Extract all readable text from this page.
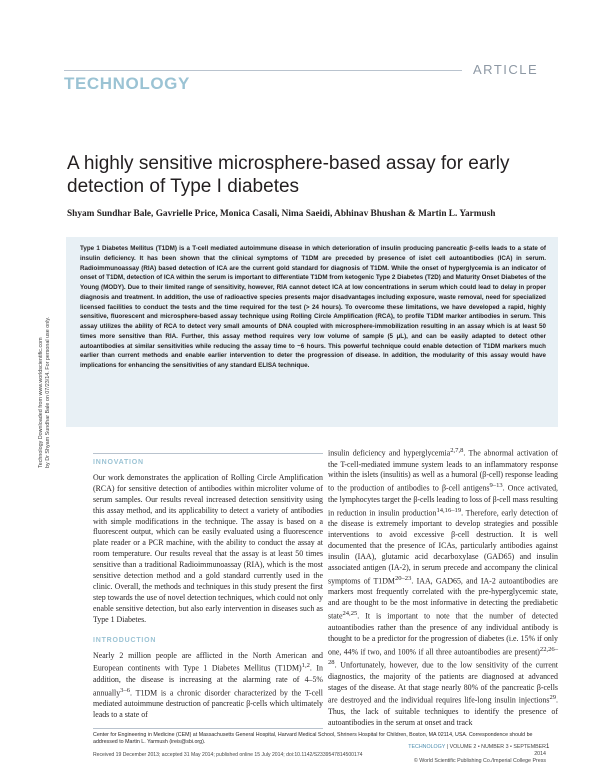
ARTICLE
TECHNOLOGY
A highly sensitive microsphere-based assay for early detection of Type I diabetes
Shyam Sundhar Bale, Gavrielle Price, Monica Casali, Nima Saeidi, Abhinav Bhushan & Martin L. Yarmush
Type 1 Diabetes Mellitus (T1DM) is a T-cell mediated autoimmune disease in which deterioration of insulin producing pancreatic β-cells leads to a state of insulin deficiency. It has been shown that the clinical symptoms of T1DM are preceded by presence of islet cell autoantibodies (ICA) in serum. Radioimmunoassay (RIA) based detection of ICA are the current gold standard for diagnosis of T1DM. While the onset of hyperglycemia is an indicator of onset of T1DM, detection of ICA within the serum is important to differentiate T1DM from ketogenic Type 2 Diabetes (T2D) and Maturity Onset Diabetes of the Young (MODY). Due to their limited range of sensitivity, however, RIA cannot detect ICA at low concentrations in serum which could lead to delay in proper diagnosis and treatment. In addition, the use of radioactive species presents major disadvantages including exposure, waste removal, need for specialized licensed facilities to conduct the tests and the time required for the test (> 24 hours). To overcome these limitations, we have developed a rapid, highly sensitive, fluorescent and microsphere-based assay technique using Rolling Circle Amplification (RCA), to profile T1DM marker antibodies in serum. This assay utilizes the ability of RCA to detect very small amounts of DNA coupled with microsphere-immobilization resulting in an assay which is at least 50 times more sensitive than RIA. Further, this assay method requires very low volume of sample (5 μL), and can be easily adapted to detect other autoantibodies at similar sensitivities while reducing the assay time to ~6 hours. This powerful technique could enable detection of T1DM markers much earlier than current methods and enable earlier intervention to deter the progression of disease. In addition, the modularity of this assay would have implications for enhancing the sensitivities of any standard ELISA technique.
Technology Downloaded from www.worldscientific.com by Dr Shyam Sundhar Bale on 07/23/14. For personal use only.	INNOVATION

Our work demonstrates the application of Rolling Circle Amplification (RCA) for sensitive detection of antibodies within microliter volume of serum samples. Our results reveal increased detection sensitivity using this assay method, and its applicability to detect a variety of antibodies with simple modifications in the technique. The assay is based on a fluorescent output, which can be easily evaluated using a fluorescence plate reader or a PCR machine, with the ability to conduct the assay at room temperature. Our results reveal that the assay is at least 50 times sensitive than a traditional Radioimmunoassay (RIA), which is the most sensitive detection method and a gold standard currently used in the clinic. Overall, the methods and techniques in this study present the first step towards the use of novel detection techniques, which could not only enable sensitive detection, but also early intervention in diseases such as Type 1 Diabetes.

INTRODUCTION

Nearly 2 million people are afflicted in the North American and European continents with Type 1 Diabetes Mellitus $(T1DM)^{1,2}$. In addition, the disease is increasing at the alarming rate of 4–5% annually$^{3-6}$. T1DM is a chronic disorder characterized by the T-cell mediated autoimmune destruction of pancreatic β-cells which ultimately leads to a state of

insulin deficiency and hyperglycemia$^{2,7,8}$. The abnormal activation of the T-cell-mediated immune system leads to an inflammatory response within the islets (insulitis) as well as a humoral (β-cell) response leading to the production of antibodies to β-cell antigens$^{9-13}$. Once activated, the lymphocytes target the β-cells leading to loss of β-cell mass resulting in reduction in insulin production$^{14,16-19}$. Therefore, early detection of the disease is extremely important to develop strategies and possible interventions to avoid excessive β-cell destruction. It is well documented that the presence of ICAs, particularly antibodies against insulin (IAA), glutamic acid decarboxylase (GAD65) and insulin associated antigen (IA-2), in serum precede and accompany the clinical symptoms of T1DM$^{20-23}$. IAA, GAD65, and IA-2 autoantibodies are markers most frequently correlated with the pre-hyperglycemic state, and are thought to be the most informative in detecting the prediabetic state$^{24,25}$. It is important to note that the number of detected autoantibodies rather than the presence of any individual antibody is thought to be a predictor for the progression of diabetes (i.e. 15% if only one, 44% if two, and 100% if all three autoantibodies are present)$^{22,26-28}$. Unfortunately, however, due to the low sensitivity of the current diagnostics, the majority of the patients are diagnosed at advanced stages of the disease. At that stage nearly 80% of the pancreatic β-cells are destroyed and the individual requires life-long insulin injections$^{29}$. Thus, the lack of suitable techniques to identify the presence of autoantibodies in the serum at onset and track

Center for Engineering in Medicine (CEM) at Massachusetts General Hospital, Harvard Medical School, Shriners Hospital for Children, Boston, MA 02114, USA. Correspondence should be addressed to Martin L. Yarmush (ireis@sbi.org).
Received 19 December 2013; accepted 31 May 2014; published online 15 July 2014; doi:10.1142/S2339547814500174
TECHNOLOGY | VOLUME 2 • NUMBER 3 • SEPTEMBER 2014
© World Scientific Publishing Co./Imperial College Press
1
